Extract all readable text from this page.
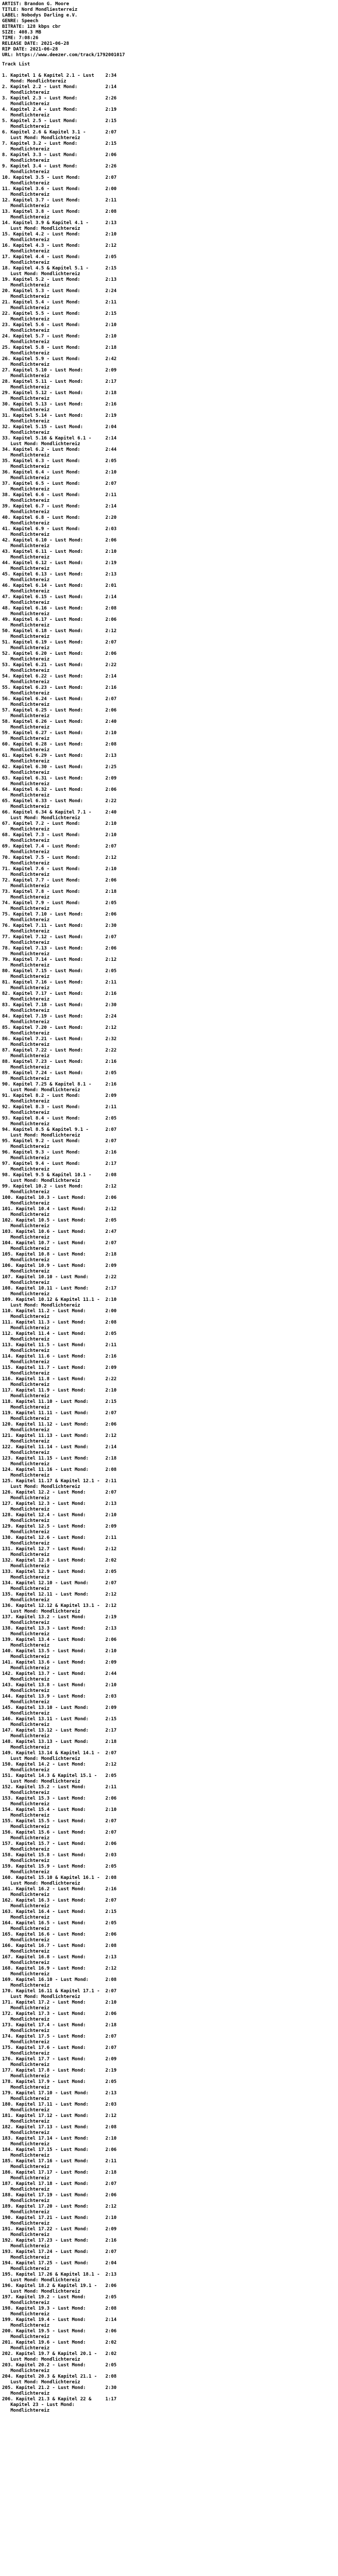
ARTIST: Brandon G. Moore
TITLE: Nord Mondliesterreiz
LABEL: Nobodys Darling e.V.
GENRE: Speech
BITRATE: 128 kbps cbr
SIZE: 408.3 MB
TIME: 7:08:26
RELEASE DATE: 2021-06-28
RIP DATE: 2021-06-28
URL: https://www.deezer.com/track/1792001017
Track List
1. Kapitel 1 & Kapitel 2.1 - Lust    2:34
Mond: Mondlichtereiz
2. Kapitel 2.2 - Lust Mond:          2:14
Mondlichtereiz
3. Kapitel 2.3 - Lust Mond:          2:26
Mondlichtereiz
4. Kapitel 2.4 - Lust Mond:          2:19
Mondlichtereiz
5. Kapitel 2.5 - Lust Mond:          2:15
Mondlichtereiz
6. Kapitel 2.6 & Kapitel 3.1 -       2:07
Lust Mond: Mondlichtereiz
7. Kapitel 3.2 - Lust Mond:          2:15
Mondlichtereiz
8. Kapitel 3.3 - Lust Mond:          2:06
Mondlichtereiz
9. Kapitel 3.4 - Lust Mond:          2:26
Mondlichtereiz
10. Kapitel 3.5 - Lust Mond:         2:07
Mondlichtereiz
11. Kapitel 3.6 - Lust Mond:         2:00
Mondlichtereiz
12. Kapitel 3.7 - Lust Mond:         2:11
Mondlichtereiz
13. Kapitel 3.8 - Lust Mond:         2:08
Mondlichtereiz
14. Kapitel 3.9 & Kapitel 4.1 -      2:13
Lust Mond: Mondlichtereiz
15. Kapitel 4.2 - Lust Mond:         2:10
Mondlichtereiz
16. Kapitel 4.3 - Lust Mond:         2:12
Mondlichtereiz
17. Kapitel 4.4 - Lust Mond:         2:05
Mondlichtereiz
18. Kapitel 4.5 & Kapitel 5.1 -      2:15
Lust Mond: Mondlichtereiz
19. Kapitel 5.2 - Lust Mond:         2:13
Mondlichtereiz
20. Kapitel 5.3 - Lust Mond:         2:24
Mondlichtereiz
21. Kapitel 5.4 - Lust Mond:         2:11
Mondlichtereiz
22. Kapitel 5.5 - Lust Mond:         2:15
Mondlichtereiz
23. Kapitel 5.6 - Lust Mond:         2:10
Mondlichtereiz
24. Kapitel 5.7 - Lust Mond:         2:10
Mondlichtereiz
25. Kapitel 5.8 - Lust Mond:         2:18
Mondlichtereiz
26. Kapitel 5.9 - Lust Mond:         2:42
Mondlichtereiz
27. Kapitel 5.10 - Lust Mond:        2:09
Mondlichtereiz
28. Kapitel 5.11 - Lust Mond:        2:17
Mondlichtereiz
29. Kapitel 5.12 - Lust Mond:        2:18
Mondlichtereiz
30. Kapitel 5.13 - Lust Mond:        2:16
Mondlichtereiz
31. Kapitel 5.14 - Lust Mond:        2:19
Mondlichtereiz
32. Kapitel 5.15 - Lust Mond:        2:04
Mondlichtereiz
33. Kapitel 5.16 & Kapitel 6.1 -     2:14
Lust Mond: Mondlichtereiz
34. Kapitel 6.2 - Lust Mond:         2:44
Mondlichtereiz
35. Kapitel 6.3 - Lust Mond:         2:05
Mondlichtereiz
36. Kapitel 6.4 - Lust Mond:         2:10
Mondlichtereiz
37. Kapitel 6.5 - Lust Mond:         2:07
Mondlichtereiz
38. Kapitel 6.6 - Lust Mond:         2:11
Mondlichtereiz
39. Kapitel 6.7 - Lust Mond:         2:14
Mondlichtereiz
40. Kapitel 6.8 - Lust Mond:         2:20
Mondlichtereiz
41. Kapitel 6.9 - Lust Mond:         2:03
Mondlichtereiz
42. Kapitel 6.10 - Lust Mond:        2:06
Mondlichtereiz
43. Kapitel 6.11 - Lust Mond:        2:10
Mondlichtereiz
44. Kapitel 6.12 - Lust Mond:        2:19
Mondlichtereiz
45. Kapitel 6.13 - Lust Mond:        2:13
Mondlichtereiz
46. Kapitel 6.14 - Lust Mond:        2:01
Mondlichtereiz
47. Kapitel 6.15 - Lust Mond:        2:14
Mondlichtereiz
48. Kapitel 6.16 - Lust Mond:        2:08
Mondlichtereiz
49. Kapitel 6.17 - Lust Mond:        2:06
Mondlichtereiz
50. Kapitel 6.18 - Lust Mond:        2:12
Mondlichtereiz
51. Kapitel 6.19 - Lust Mond:        2:07
Mondlichtereiz
52. Kapitel 6.20 - Lust Mond:        2:06
Mondlichtereiz
53. Kapitel 6.21 - Lust Mond:        2:22
Mondlichtereiz
54. Kapitel 6.22 - Lust Mond:        2:14
Mondlichtereiz
55. Kapitel 6.23 - Lust Mond:        2:16
Mondlichtereiz
56. Kapitel 6.24 - Lust Mond:        2:07
Mondlichtereiz
57. Kapitel 6.25 - Lust Mond:        2:06
Mondlichtereiz
58. Kapitel 6.26 - Lust Mond:        2:40
Mondlichtereiz
59. Kapitel 6.27 - Lust Mond:        2:10
Mondlichtereiz
60. Kapitel 6.28 - Lust Mond:        2:08
Mondlichtereiz
61. Kapitel 6.29 - Lust Mond:        2:13
Mondlichtereiz
62. Kapitel 6.30 - Lust Mond:        2:25
Mondlichtereiz
63. Kapitel 6.31 - Lust Mond:        2:09
Mondlichtereiz
64. Kapitel 6.32 - Lust Mond:        2:06
Mondlichtereiz
65. Kapitel 6.33 - Lust Mond:        2:22
Mondlichtereiz
66. Kapitel 6.34 & Kapitel 7.1 -     2:40
Lust Mond: Mondlichtereiz
67. Kapitel 7.2 - Lust Mond:         2:10
Mondlichtereiz
68. Kapitel 7.3 - Lust Mond:         2:10
Mondlichtereiz
69. Kapitel 7.4 - Lust Mond:         2:07
Mondlichtereiz
70. Kapitel 7.5 - Lust Mond:         2:12
Mondlichtereiz
71. Kapitel 7.6 - Lust Mond:         2:10
Mondlichtereiz
72. Kapitel 7.7 - Lust Mond:         2:06
Mondlichtereiz
73. Kapitel 7.8 - Lust Mond:         2:18
Mondlichtereiz
74. Kapitel 7.9 - Lust Mond:         2:05
Mondlichtereiz
75. Kapitel 7.10 - Lust Mond:        2:06
Mondlichtereiz
76. Kapitel 7.11 - Lust Mond:        2:30
Mondlichtereiz
77. Kapitel 7.12 - Lust Mond:        2:07
Mondlichtereiz
78. Kapitel 7.13 - Lust Mond:        2:06
Mondlichtereiz
79. Kapitel 7.14 - Lust Mond:        2:12
Mondlichtereiz
80. Kapitel 7.15 - Lust Mond:        2:05
Mondlichtereiz
81. Kapitel 7.16 - Lust Mond:        2:11
Mondlichtereiz
82. Kapitel 7.17 - Lust Mond:        2:16
Mondlichtereiz
83. Kapitel 7.18 - Lust Mond:        2:30
Mondlichtereiz
84. Kapitel 7.19 - Lust Mond:        2:24
Mondlichtereiz
85. Kapitel 7.20 - Lust Mond:        2:12
Mondlichtereiz
86. Kapitel 7.21 - Lust Mond:        2:32
Mondlichtereiz
87. Kapitel 7.22 - Lust Mond:        2:22
Mondlichtereiz
88. Kapitel 7.23 - Lust Mond:        2:16
Mondlichtereiz
89. Kapitel 7.24 - Lust Mond:        2:05
Mondlichtereiz
90. Kapitel 7.25 & Kapitel 8.1 -     2:16
Lust Mond: Mondlichtereiz
91. Kapitel 8.2 - Lust Mond:         2:09
Mondlichtereiz
92. Kapitel 8.3 - Lust Mond:         2:11
Mondlichtereiz
93. Kapitel 8.4 - Lust Mond:         2:05
Mondlichtereiz
94. Kapitel 8.5 & Kapitel 9.1 -      2:07
Lust Mond: Mondlichtereiz
95. Kapitel 9.2 - Lust Mond:         2:07
Mondlichtereiz
96. Kapitel 9.3 - Lust Mond:         2:16
Mondlichtereiz
97. Kapitel 9.4 - Lust Mond:         2:17
Mondlichtereiz
98. Kapitel 9.5 & Kapitel 10.1 -     2:08
Lust Mond: Mondlichtereiz
99. Kapitel 10.2 - Lust Mond:        2:12
Mondlichtereiz
100. Kapitel 10.3 - Lust Mond:       2:06
Mondlichtereiz
101. Kapitel 10.4 - Lust Mond:       2:12
Mondlichtereiz
102. Kapitel 10.5 - Lust Mond:       2:05
Mondlichtereiz
103. Kapitel 10.6 - Lust Mond:       2:47
Mondlichtereiz
104. Kapitel 10.7 - Lust Mond:       2:07
Mondlichtereiz
105. Kapitel 10.8 - Lust Mond:       2:18
Mondlichtereiz
106. Kapitel 10.9 - Lust Mond:       2:09
Mondlichtereiz
107. Kapitel 10.10 - Lust Mond:      2:22
Mondlichtereiz
108. Kapitel 10.11 - Lust Mond:      2:17
Mondlichtereiz
109. Kapitel 10.12 & Kapitel 11.1 -  2:10
Lust Mond: Mondlichtereiz
110. Kapitel 11.2 - Lust Mond:       2:00
Mondlichtereiz
111. Kapitel 11.3 - Lust Mond:       2:08
Mondlichtereiz
112. Kapitel 11.4 - Lust Mond:       2:05
Mondlichtereiz
113. Kapitel 11.5 - Lust Mond:       2:11
Mondlichtereiz
114. Kapitel 11.6 - Lust Mond:       2:16
Mondlichtereiz
115. Kapitel 11.7 - Lust Mond:       2:09
Mondlichtereiz
116. Kapitel 11.8 - Lust Mond:       2:22
Mondlichtereiz
117. Kapitel 11.9 - Lust Mond:       2:10
Mondlichtereiz
118. Kapitel 11.10 - Lust Mond:      2:15
Mondlichtereiz
119. Kapitel 11.11 - Lust Mond:      2:07
Mondlichtereiz
120. Kapitel 11.12 - Lust Mond:      2:06
Mondlichtereiz
121. Kapitel 11.13 - Lust Mond:      2:12
Mondlichtereiz
122. Kapitel 11.14 - Lust Mond:      2:14
Mondlichtereiz
123. Kapitel 11.15 - Lust Mond:      2:18
Mondlichtereiz
124. Kapitel 11.16 - Lust Mond:      2:08
Mondlichtereiz
125. Kapitel 11.17 & Kapitel 12.1 -  2:11
Lust Mond: Mondlichtereiz
126. Kapitel 12.2 - Lust Mond:       2:07
Mondlichtereiz
127. Kapitel 12.3 - Lust Mond:       2:13
Mondlichtereiz
128. Kapitel 12.4 - Lust Mond:       2:10
Mondlichtereiz
129. Kapitel 12.5 - Lust Mond:       2:09
Mondlichtereiz
130. Kapitel 12.6 - Lust Mond:       2:11
Mondlichtereiz
131. Kapitel 12.7 - Lust Mond:       2:12
Mondlichtereiz
132. Kapitel 12.8 - Lust Mond:       2:02
Mondlichtereiz
133. Kapitel 12.9 - Lust Mond:       2:05
Mondlichtereiz
134. Kapitel 12.10 - Lust Mond:      2:07
Mondlichtereiz
135. Kapitel 12.11 - Lust Mond:      2:12
Mondlichtereiz
136. Kapitel 12.12 & Kapitel 13.1 -  2:12
Lust Mond: Mondlichtereiz
137. Kapitel 13.2 - Lust Mond:       2:19
Mondlichtereiz
138. Kapitel 13.3 - Lust Mond:       2:13
Mondlichtereiz
139. Kapitel 13.4 - Lust Mond:       2:06
Mondlichtereiz
140. Kapitel 13.5 - Lust Mond:       2:10
Mondlichtereiz
141. Kapitel 13.6 - Lust Mond:       2:09
Mondlichtereiz
142. Kapitel 13.7 - Lust Mond:       2:44
Mondlichtereiz
143. Kapitel 13.8 - Lust Mond:       2:10
Mondlichtereiz
144. Kapitel 13.9 - Lust Mond:       2:03
Mondlichtereiz
145. Kapitel 13.10 - Lust Mond:      2:09
Mondlichtereiz
146. Kapitel 13.11 - Lust Mond:      2:15
Mondlichtereiz
147. Kapitel 13.12 - Lust Mond:      2:17
Mondlichtereiz
148. Kapitel 13.13 - Lust Mond:      2:18
Mondlichtereiz
149. Kapitel 13.14 & Kapitel 14.1 -  2:07
Lust Mond: Mondlichtereiz
150. Kapitel 14.2 - Lust Mond:       2:12
Mondlichtereiz
151. Kapitel 14.3 & Kapitel 15.1 -   2:05
Lust Mond: Mondlichtereiz
152. Kapitel 15.2 - Lust Mond:       2:11
Mondlichtereiz
153. Kapitel 15.3 - Lust Mond:       2:06
Mondlichtereiz
154. Kapitel 15.4 - Lust Mond:       2:10
Mondlichtereiz
155. Kapitel 15.5 - Lust Mond:       2:07
Mondlichtereiz
156. Kapitel 15.6 - Lust Mond:       2:07
Mondlichtereiz
157. Kapitel 15.7 - Lust Mond:       2:06
Mondlichtereiz
158. Kapitel 15.8 - Lust Mond:       2:03
Mondlichtereiz
159. Kapitel 15.9 - Lust Mond:       2:05
Mondlichtereiz
160. Kapitel 15.10 & Kapitel 16.1 -  2:08
Lust Mond: Mondlichtereiz
161. Kapitel 16.2 - Lust Mond:       2:16
Mondlichtereiz
162. Kapitel 16.3 - Lust Mond:       2:07
Mondlichtereiz
163. Kapitel 16.4 - Lust Mond:       2:15
Mondlichtereiz
164. Kapitel 16.5 - Lust Mond:       2:05
Mondlichtereiz
165. Kapitel 16.6 - Lust Mond:       2:06
Mondlichtereiz
166. Kapitel 16.7 - Lust Mond:       2:08
Mondlichtereiz
167. Kapitel 16.8 - Lust Mond:       2:13
Mondlichtereiz
168. Kapitel 16.9 - Lust Mond:       2:12
Mondlichtereiz
169. Kapitel 16.10 - Lust Mond:      2:08
Mondlichtereiz
170. Kapitel 16.11 & Kapitel 17.1 -  2:07
Lust Mond: Mondlichtereiz
171. Kapitel 17.2 - Lust Mond:       2:10
Mondlichtereiz
172. Kapitel 17.3 - Lust Mond:       2:06
Mondlichtereiz
173. Kapitel 17.4 - Lust Mond:       2:18
Mondlichtereiz
174. Kapitel 17.5 - Lust Mond:       2:07
Mondlichtereiz
175. Kapitel 17.6 - Lust Mond:       2:07
Mondlichtereiz
176. Kapitel 17.7 - Lust Mond:       2:09
Mondlichtereiz
177. Kapitel 17.8 - Lust Mond:       2:19
Mondlichtereiz
178. Kapitel 17.9 - Lust Mond:       2:05
Mondlichtereiz
179. Kapitel 17.10 - Lust Mond:      2:13
Mondlichtereiz
180. Kapitel 17.11 - Lust Mond:      2:03
Mondlichtereiz
181. Kapitel 17.12 - Lust Mond:      2:12
Mondlichtereiz
182. Kapitel 17.13 - Lust Mond:      2:08
Mondlichtereiz
183. Kapitel 17.14 - Lust Mond:      2:10
Mondlichtereiz
184. Kapitel 17.15 - Lust Mond:      2:06
Mondlichtereiz
185. Kapitel 17.16 - Lust Mond:      2:11
Mondlichtereiz
186. Kapitel 17.17 - Lust Mond:      2:18
Mondlichtereiz
187. Kapitel 17.18 - Lust Mond:      2:07
Mondlichtereiz
188. Kapitel 17.19 - Lust Mond:      2:06
Mondlichtereiz
189. Kapitel 17.20 - Lust Mond:      2:12
Mondlichtereiz
190. Kapitel 17.21 - Lust Mond:      2:10
Mondlichtereiz
191. Kapitel 17.22 - Lust Mond:      2:09
Mondlichtereiz
192. Kapitel 17.23 - Lust Mond:      2:16
Mondlichtereiz
193. Kapitel 17.24 - Lust Mond:      2:07
Mondlichtereiz
194. Kapitel 17.25 - Lust Mond:      2:04
Mondlichtereiz
195. Kapitel 17.26 & Kapitel 18.1 -  2:13
Lust Mond: Mondlichtereiz
196. Kapitel 18.2 & Kapitel 19.1 -   2:06
Lust Mond: Mondlichtereiz
197. Kapitel 19.2 - Lust Mond:       2:05
Mondlichtereiz
198. Kapitel 19.3 - Lust Mond:       2:08
Mondlichtereiz
199. Kapitel 19.4 - Lust Mond:       2:14
Mondlichtereiz
200. Kapitel 19.5 - Lust Mond:       2:06
Mondlichtereiz
201. Kapitel 19.6 - Lust Mond:       2:02
Mondlichtereiz
202. Kapitel 19.7 & Kapitel 20.1 -   2:02
Lust Mond: Mondlichtereiz
203. Kapitel 20.2 - Lust Mond:       2:05
Mondlichtereiz
204. Kapitel 20.3 & Kapitel 21.1 -   2:08
Lust Mond: Mondlichtereiz
205. Kapitel 21.2 - Lust Mond:       2:30
Mondlichtereiz
206. Kapitel 21.3 & Kapitel 22 &     1:17
Kapitel 23 - Lust Mond:
Mondlichtereiz
